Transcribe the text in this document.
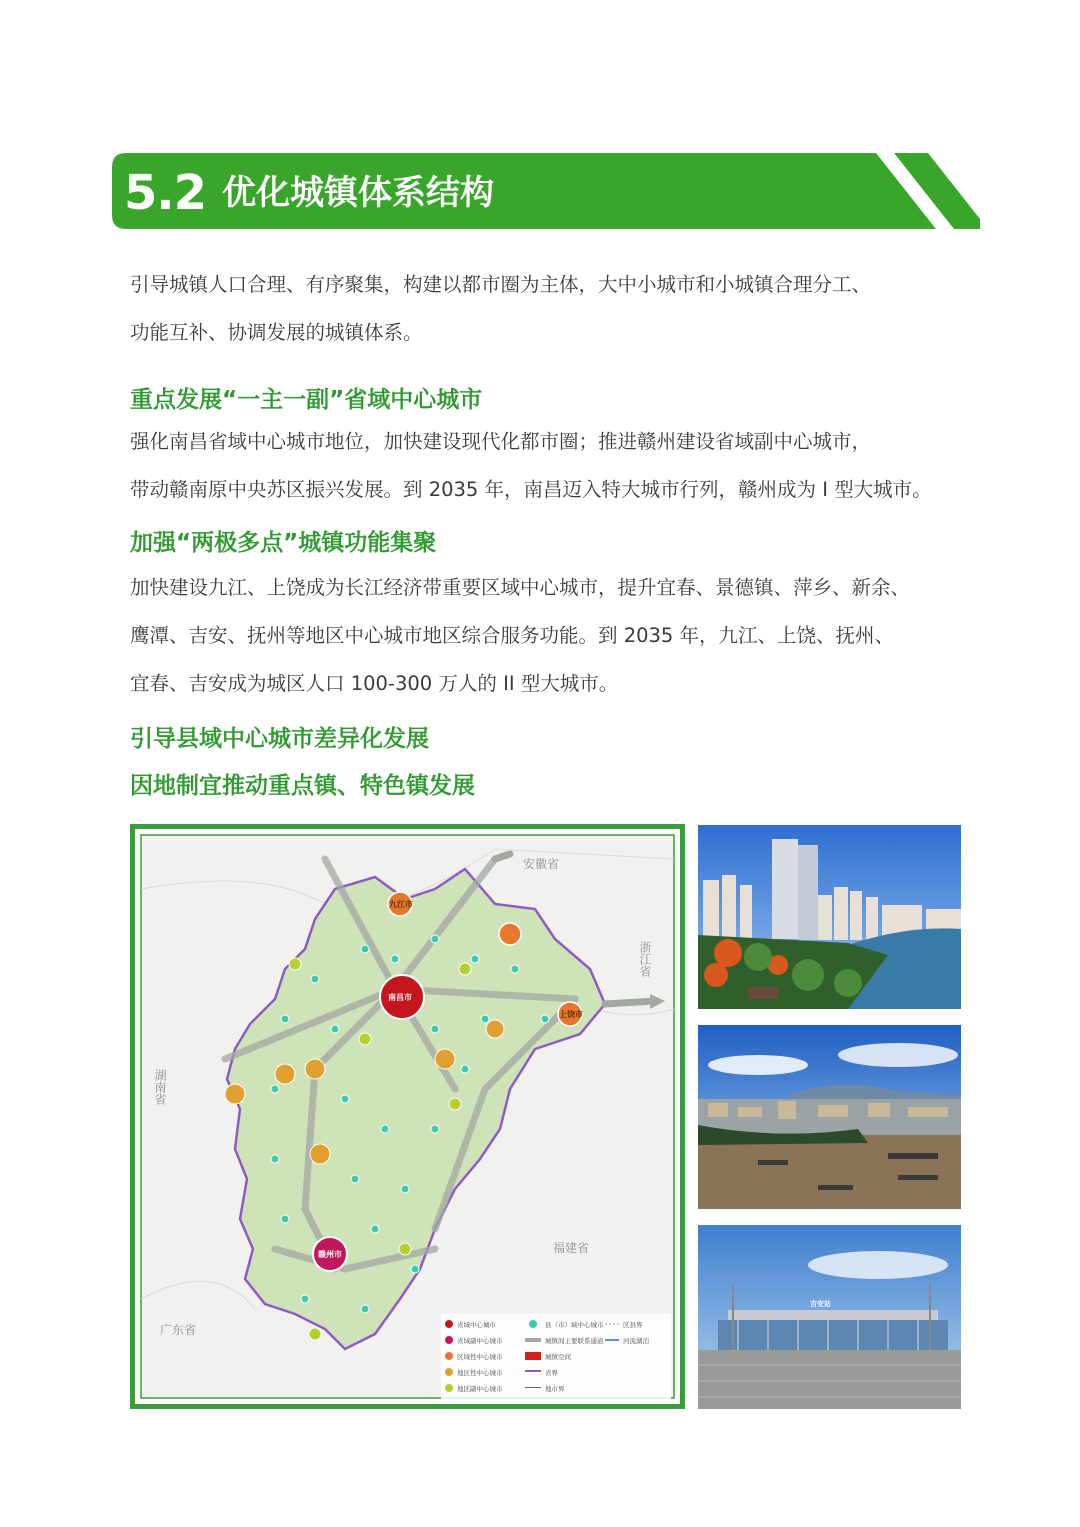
5.2 优化城镇体系结构

引导城镇人口合理、有序聚集，构建以都市圈为主体，大中小城市和小城镇合理分工、
功能互补、协调发展的城镇体系。

重点发展“一主一副”省域中心城市

强化南昌省域中心城市地位，加快建设现代化都市圈；推进赣州建设省域副中心城市，
带动赣南原中央苏区振兴发展。到 2035 年，南昌迈入特大城市行列，赣州成为 I 型大城市。

加强“两极多点”城镇功能集聚

加快建设九江、上饶成为长江经济带重要区域中心城市，提升宜春、景德镇、萍乡、新余、
鹰潭、吉安、抚州等地区中心城市地区综合服务功能。到 2035 年，九江、上饶、抚州、
宜春、吉安成为城区人口 100-300 万人的 II 型大城市。

引导县域中心城市差异化发展
因地制宜推动重点镇、特色镇发展
安徽省
浙江省
湖南省
福建省
广东省
南昌市
赣州市
九江市
上饶市
省域中心城市
省域副中心城市
区域性中心城市
地区性中心城市
地区副中心城市
县（市）域中心城市
城镇间主要联系通道
城镇空间
省界
地市界
区县界
河流湖泊
吉安站
